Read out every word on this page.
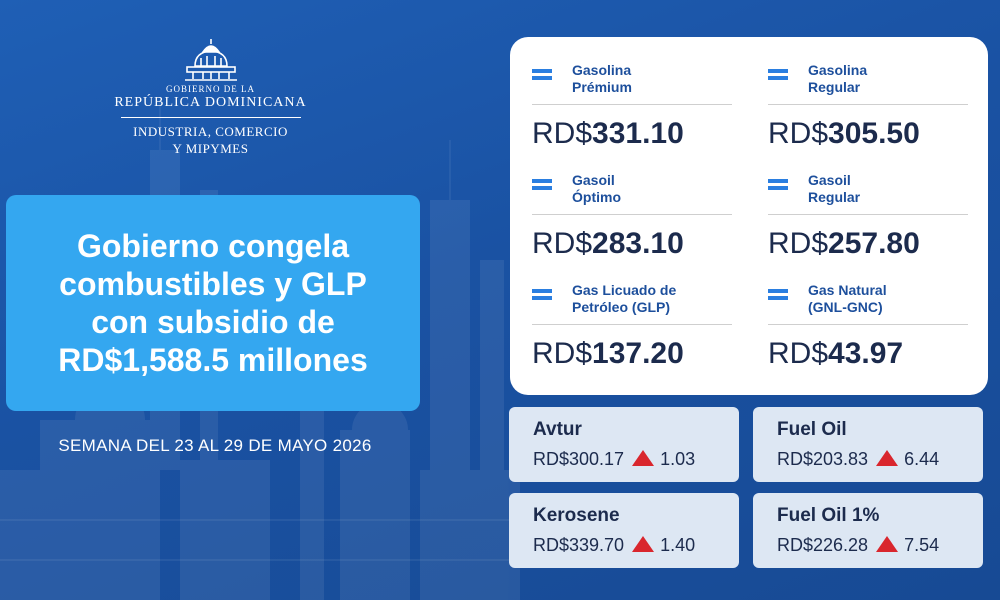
GOBIERNO DE LA
REPÚBLICA DOMINICANA
INDUSTRIA, COMERCIO
Y MIPYMES
Gobierno congela
combustibles y GLP
con subsidio de
RD$1,588.5 millones
SEMANA DEL 23 AL 29 DE MAYO 2026
Gasolina
Prémium
RD$331.10
Gasolina
Regular
RD$305.50
Gasoil
Óptimo
RD$283.10
Gasoil
Regular
RD$257.80
Gas Licuado de
Petróleo (GLP)
RD$137.20
Gas Natural
(GNL-GNC)
RD$43.97
Avtur
RD$300.17 1.03
Fuel Oil
RD$203.83 6.44
Kerosene
RD$339.70 1.40
Fuel Oil 1%
RD$226.28 7.54
